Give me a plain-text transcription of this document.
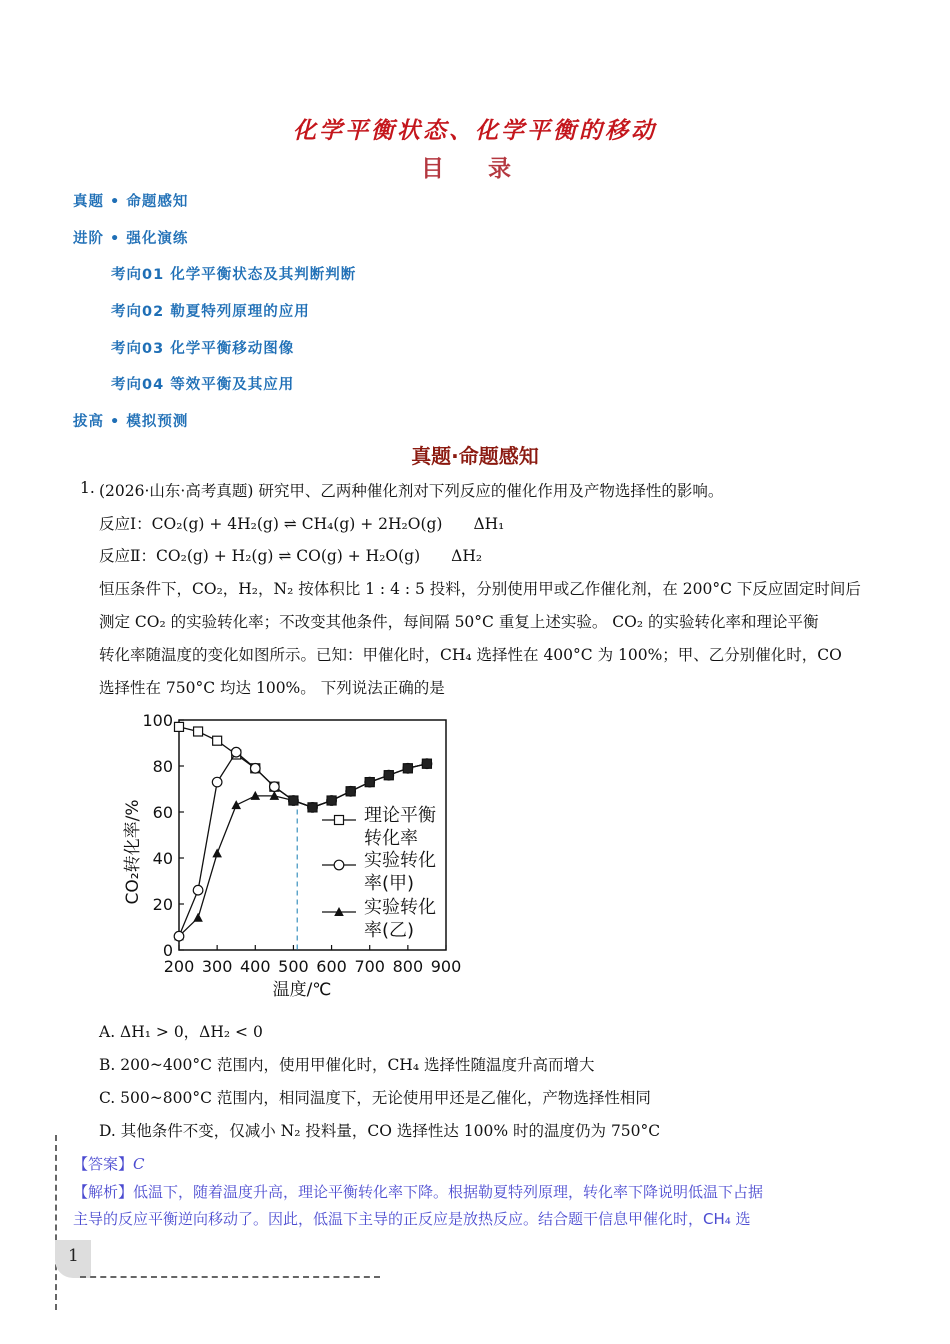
化学平衡状态、化学平衡的移动
目 录
真题 • 命题感知
进阶 • 强化演练
考向01 化学平衡状态及其判断判断
考向02 勒夏特列原理的应用
考向03 化学平衡移动图像
考向04 等效平衡及其应用
拔高 • 模拟预测
真题·命题感知
1. (2026·山东·高考真题) 研究甲、乙两种催化剂对下列反应的催化作用及产物选择性的影响。
反应Ⅰ：CO₂(g) + 4H₂(g) ⇌ CH₄(g) + 2H₂O(g)　　ΔH₁
反应Ⅱ：CO₂(g) + H₂(g) ⇌ CO(g) + H₂O(g)　　ΔH₂
恒压条件下，CO₂，H₂，N₂ 按体积比 1 : 4 : 5 投料，分别使用甲或乙作催化剂，在 200°C 下反应固定时间后
测定 CO₂ 的实验转化率；不改变其他条件，每间隔 50°C 重复上述实验。 CO₂ 的实验转化率和理论平衡
转化率随温度的变化如图所示。已知：甲催化时，CH₄ 选择性在 400°C 为 100%；甲、乙分别催化时，CO
选择性在 750°C 均达 100%。 下列说法正确的是
200 300 400 500 600 700 800 900
0
20
40
60
80
100
理论平衡
转化率
实验转化
率(甲)
实验转化
率(乙)
CO₂转化率/%
温度/℃
A. ΔH₁ > 0，ΔH₂ < 0
B. 200~400°C 范围内，使用甲催化时，CH₄ 选择性随温度升高而增大
C. 500~800°C 范围内，相同温度下，无论使用甲还是乙催化，产物选择性相同
D. 其他条件不变，仅减小 N₂ 投料量，CO 选择性达 100% 时的温度仍为 750°C
【答案】C
【解析】低温下，随着温度升高，理论平衡转化率下降。根据勒夏特列原理，转化率下降说明低温下占据
主导的反应平衡逆向移动了。因此，低温下主导的正反应是放热反应。结合题干信息甲催化时，CH₄ 选
1
